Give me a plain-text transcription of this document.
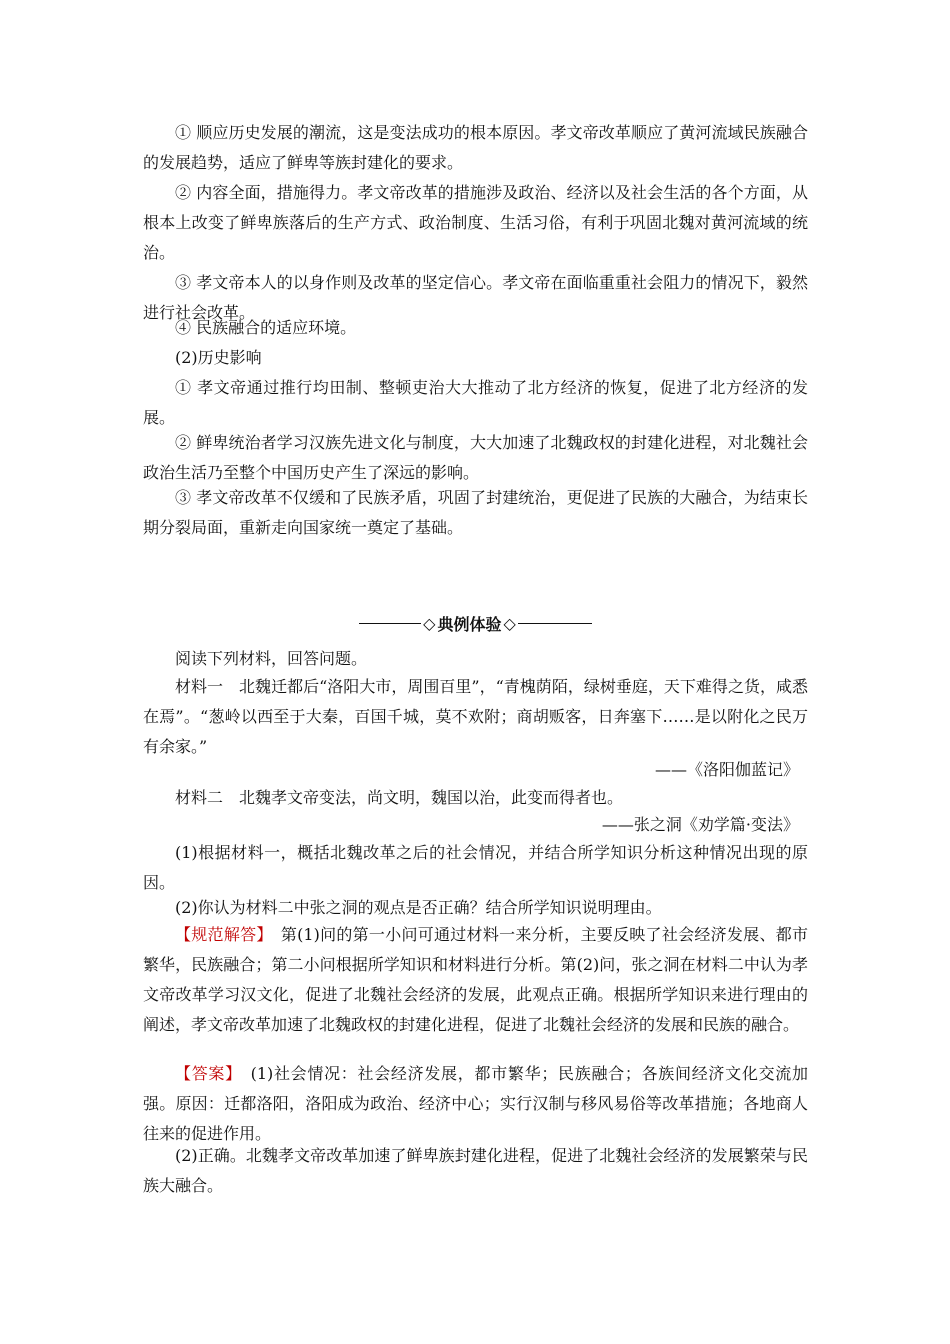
① 顺应历史发展的潮流，这是变法成功的根本原因。孝文帝改革顺应了黄河流域民族融合的发展趋势，适应了鲜卑等族封建化的要求。

② 内容全面，措施得力。孝文帝改革的措施涉及政治、经济以及社会生活的各个方面，从根本上改变了鲜卑族落后的生产方式、政治制度、生活习俗，有利于巩固北魏对黄河流域的统治。

③ 孝文帝本人的以身作则及改革的坚定信心。孝文帝在面临重重社会阻力的情况下，毅然进行社会改革。

④ 民族融合的适应环境。

(2)历史影响

① 孝文帝通过推行均田制、整顿吏治大大推动了北方经济的恢复，促进了北方经济的发展。

② 鲜卑统治者学习汉族先进文化与制度，大大加速了北魏政权的封建化进程，对北魏社会政治生活乃至整个中国历史产生了深远的影响。

③ 孝文帝改革不仅缓和了民族矛盾，巩固了封建统治，更促进了民族的大融合，为结束长期分裂局面，重新走向国家统一奠定了基础。

◇ 典例体验 ◇

阅读下列材料，回答问题。

材料一　北魏迁都后“洛阳大市，周围百里”，“青槐荫陌，绿树垂庭，天下难得之货，咸悉在焉”。“葱岭以西至于大秦，百国千城，莫不欢附；商胡贩客，日奔塞下……是以附化之民万有余家。”

——《洛阳伽蓝记》

材料二　北魏孝文帝变法，尚文明，魏国以治，此变而得者也。

——张之洞《劝学篇·变法》

(1)根据材料一，概括北魏改革之后的社会情况，并结合所学知识分析这种情况出现的原因。

(2)你认为材料二中张之洞的观点是否正确？结合所学知识说明理由。

【规范解答】　第(1)问的第一小问可通过材料一来分析，主要反映了社会经济发展、都市繁华，民族融合；第二小问根据所学知识和材料进行分析。第(2)问，张之洞在材料二中认为孝文帝改革学习汉文化，促进了北魏社会经济的发展，此观点正确。根据所学知识来进行理由的阐述，孝文帝改革加速了北魏政权的封建化进程，促进了北魏社会经济的发展和民族的融合。

【答案】　(1)社会情况：社会经济发展，都市繁华；民族融合；各族间经济文化交流加强。原因：迁都洛阳，洛阳成为政治、经济中心；实行汉制与移风易俗等改革措施；各地商人往来的促进作用。

(2)正确。北魏孝文帝改革加速了鲜卑族封建化进程，促进了北魏社会经济的发展繁荣与民族大融合。
